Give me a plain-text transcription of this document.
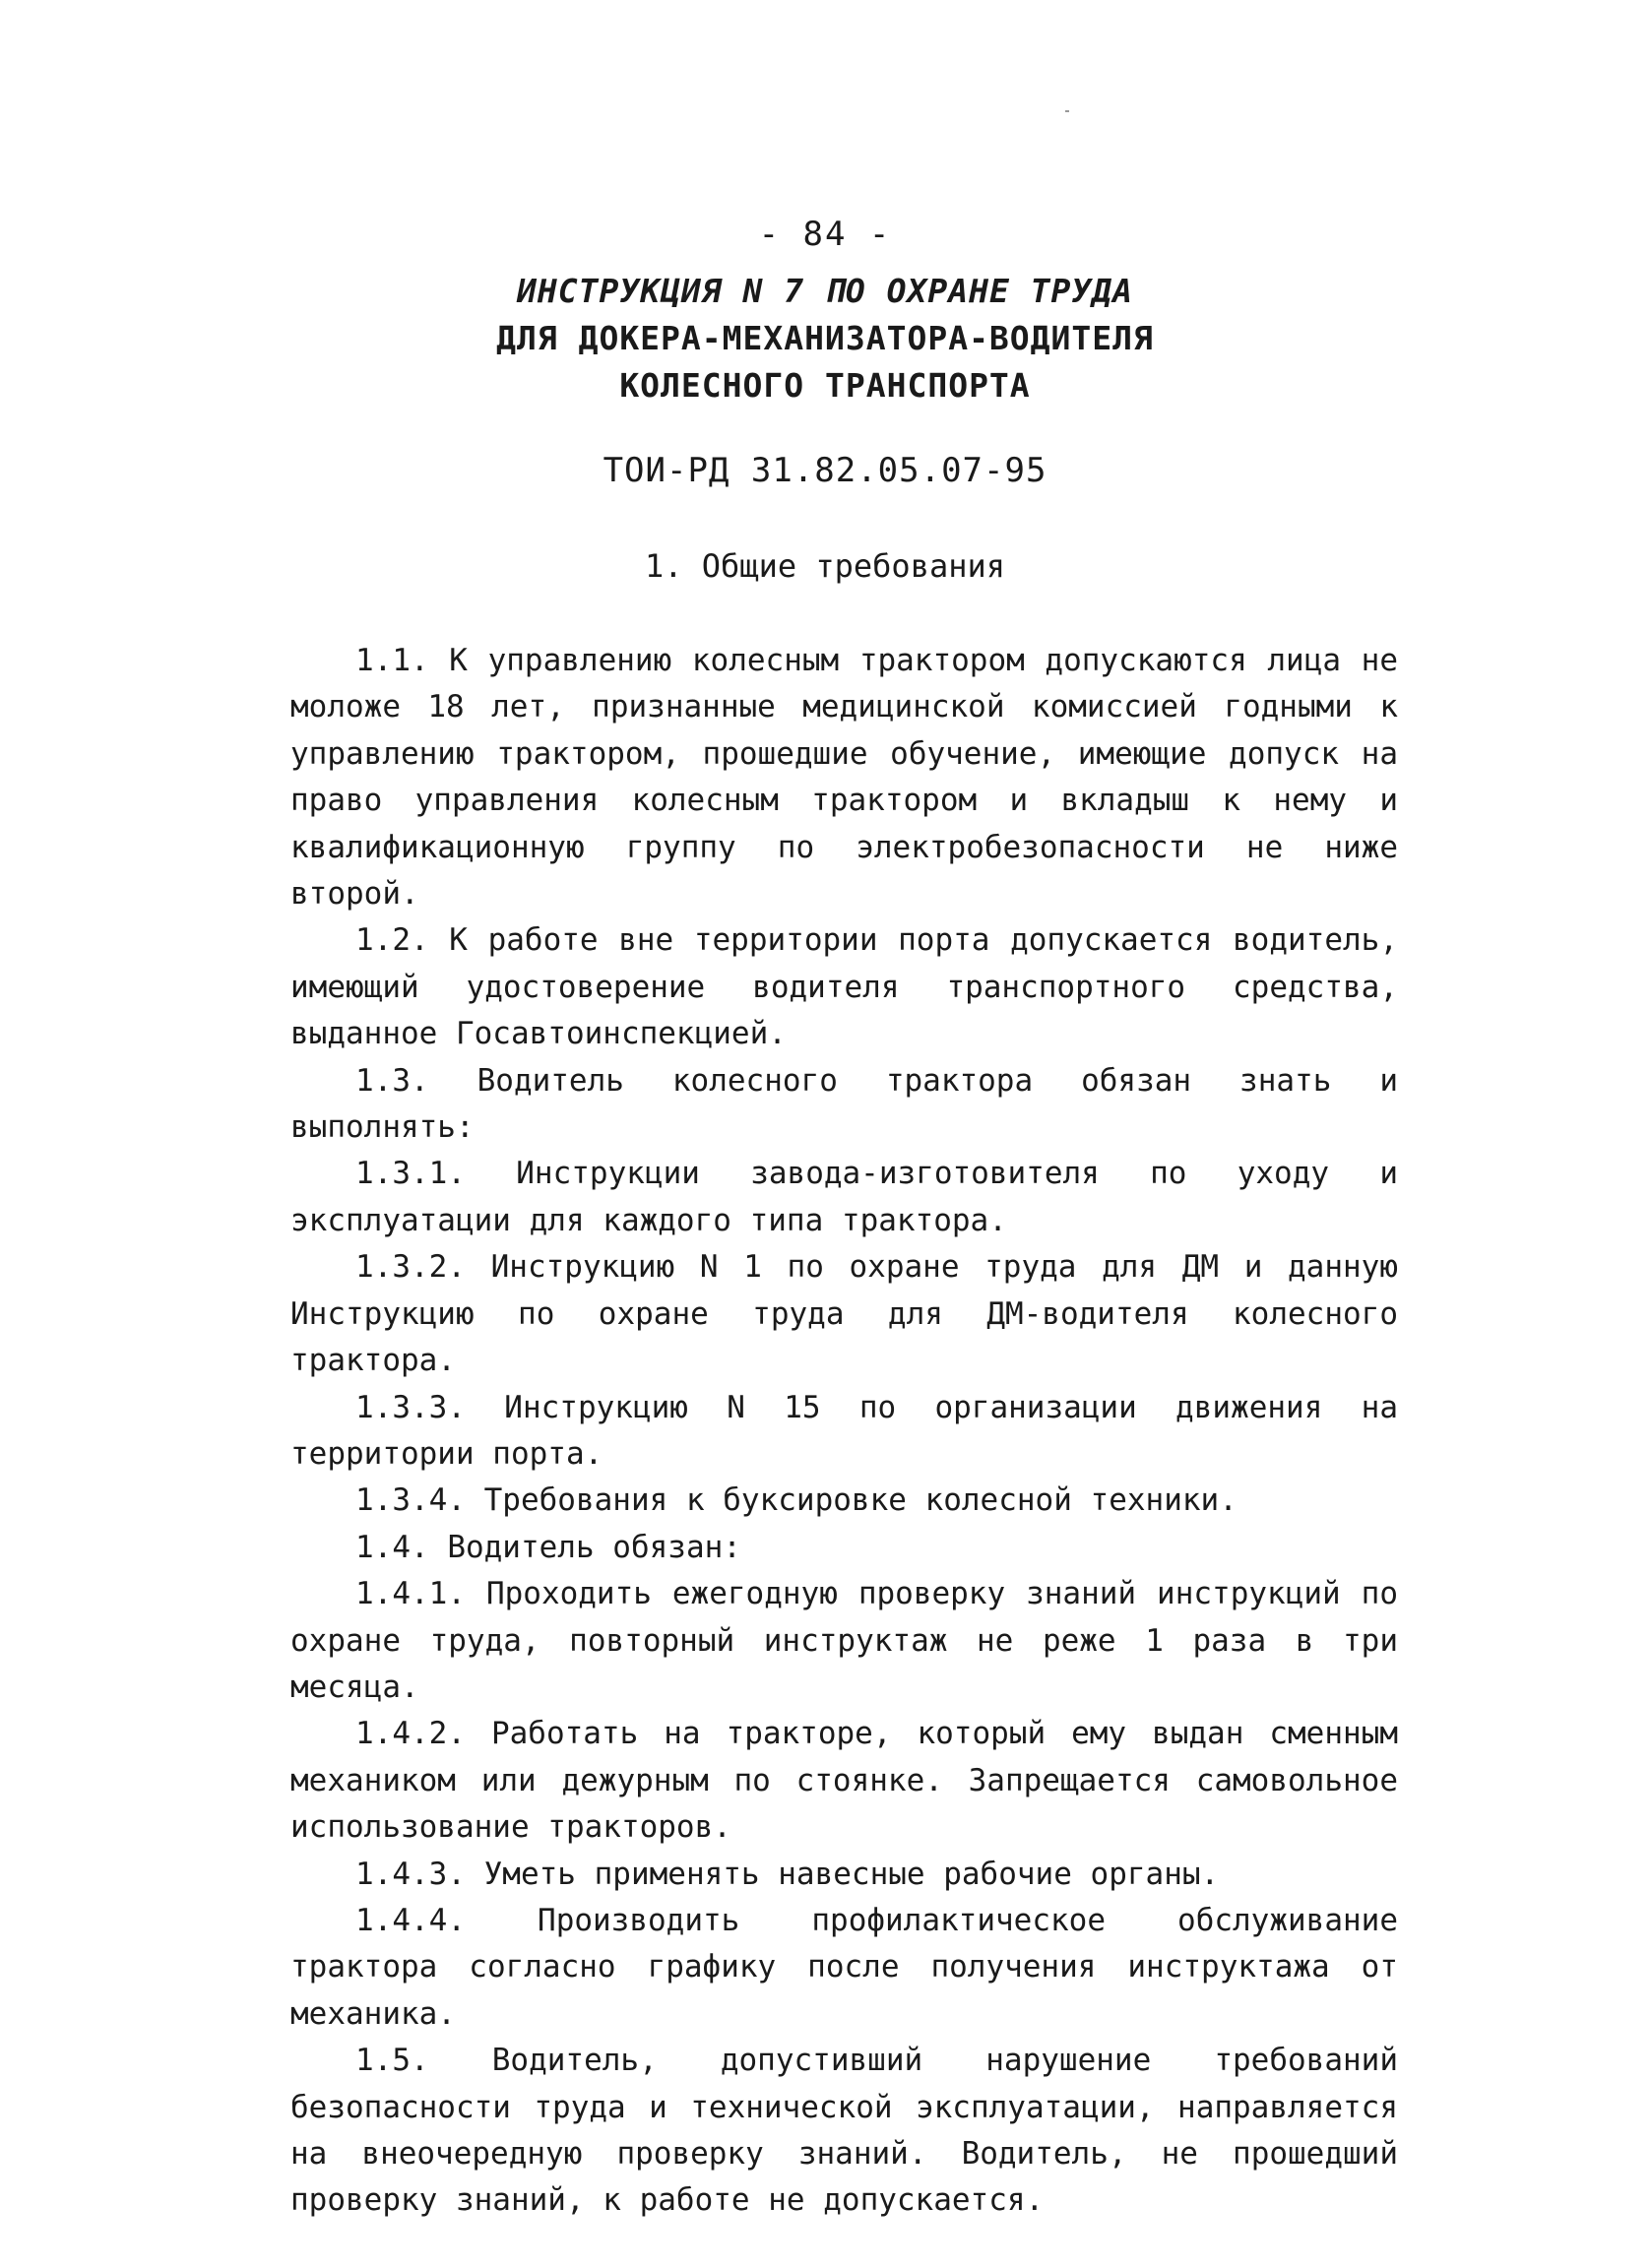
- 84 -
ИНСТРУКЦИЯ N 7 ПО ОХРАНЕ ТРУДА
ДЛЯ ДОКЕРА-МЕХАНИЗАТОРА-ВОДИТЕЛЯ
КОЛЕСНОГО ТРАНСПОРТА
ТОИ-РД 31.82.05.07-95
1. Общие требования

1.1. К управлению колесным трактором допускаются лица не моложе 18 лет, признанные медицинской комиссией годными к управлению трактором, прошедшие обучение, имеющие допуск на право управления колесным трактором и вкладыш к нему и квалификационную группу по электробезопасности не ниже второй.

1.2. К работе вне территории порта допускается водитель, имеющий удостоверение водителя транспортного средства, выданное Госавтоинспекцией.

1.3. Водитель колесного трактора обязан знать и выполнять:

1.3.1. Инструкции завода-изготовителя по уходу и эксплуатации для каждого типа трактора.

1.3.2. Инструкцию N 1 по охране труда для ДМ и данную Инструкцию по охране труда для ДМ-водителя колесного трактора.

1.3.3. Инструкцию N 15 по организации движения на территории порта.

1.3.4. Требования к буксировке колесной техники.

1.4. Водитель обязан:

1.4.1. Проходить ежегодную проверку знаний инструкций по охране труда, повторный инструктаж не реже 1 раза в три месяца.

1.4.2. Работать на тракторе, который ему выдан сменным механиком или дежурным по стоянке. Запрещается самовольное использование тракторов.

1.4.3. Уметь применять навесные рабочие органы.

1.4.4. Производить профилактическое обслуживание трактора согласно графику после получения инструктажа от механика.

1.5. Водитель, допустивший нарушение требований безопасности труда и технической эксплуатации, направляется на внеочередную проверку знаний. Водитель, не прошедший проверку знаний, к работе не допускается.
